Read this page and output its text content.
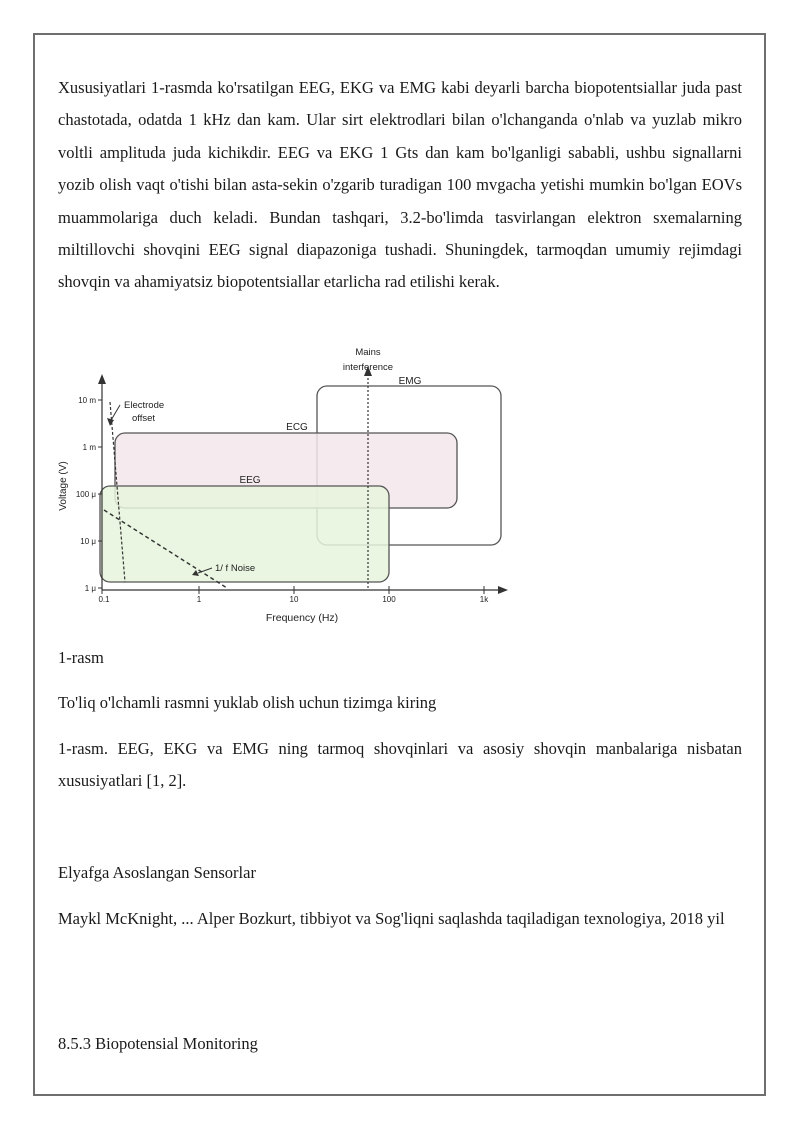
Xususiyatlari 1-rasmda ko'rsatilgan EEG, EKG va EMG kabi deyarli barcha biopotentsiallar juda past chastotada, odatda 1 kHz dan kam. Ular sirt elektrodlari bilan o'lchanganda o'nlab va yuzlab mikro voltli amplituda juda kichikdir. EEG va EKG 1 Gts dan kam bo'lganligi sababli, ushbu signallarni yozib olish vaqt o'tishi bilan asta-sekin o'zgarib turadigan 100 mvgacha yetishi mumkin bo'lgan EOVs muammolariga duch keladi. Bundan tashqari, 3.2-bo'limda tasvirlangan elektron sxemalarning miltillovchi shovqini EEG signal diapazoniga tushadi. Shuningdek, tarmoqdan umumiy rejimdagi shovqin va ahamiyatsiz biopotentsiallar etarlicha rad etilishi kerak.

10 m
1 m
100 μ
10 μ
1 μ
0.1	1	10	100	1k
Voltage (V)
Frequency (Hz)
Mains
interference
EMG
ECG
EEG
Electrode
offset
1/ f Noise

1-rasm

To'liq o'lchamli rasmni yuklab olish uchun tizimga kiring

1-rasm. EEG, EKG va EMG ning tarmoq shovqinlari va asosiy shovqin manbalariga nisbatan xususiyatlari [1, 2].

Elyafga Asoslangan Sensorlar

Maykl McKnight, ... Alper Bozkurt, tibbiyot va Sog'liqni saqlashda taqiladigan texnologiya, 2018 yil

8.5.3 Biopotensial Monitoring
